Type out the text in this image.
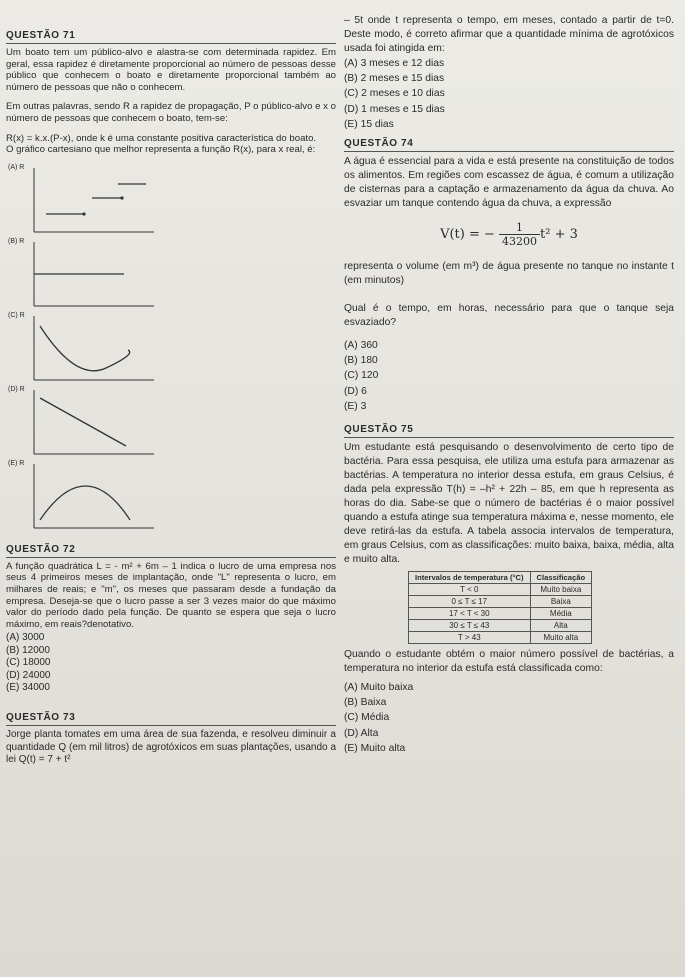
QUESTÃO 71

Um boato tem um público-alvo e alastra-se com determinada rapidez. Em geral, essa rapidez é diretamente proporcional ao número de pessoas desse público que conhecem o boato e diretamente proporcional também ao número de pessoas que não o conhecem.

Em outras palavras, sendo R a rapidez de propagação, P o público-alvo e x o número de pessoas que conhecem o boato, tem-se:

R(x) = k.x.(P-x), onde k é uma constante positiva característica do boato.

O gráfico cartesiano que melhor representa a função R(x), para x real, é:

(A) R
(B) R
(C) R
(D) R
(E) R

QUESTÃO 72

A função quadrática L = - m² + 6m – 1 indica o lucro de uma empresa nos seus 4 primeiros meses de implantação, onde "L" representa o lucro, em milhares de reais; e "m", os meses que passaram desde a fundação da empresa. Deseja-se que o lucro passe a ser 3 vezes maior do que máximo valor do período dado pela função. De quanto se espera que seja o lucro máximo, em reais?denotativo.

(A) 3000
(B) 12000
(C) 18000
(D) 24000
(E) 34000

QUESTÃO 73

Jorge planta tomates em uma área de sua fazenda, e resolveu diminuir a quantidade Q (em mil litros) de agrotóxicos em suas plantações, usando a lei Q(t) = 7 + t²

– 5t onde t representa o tempo, em meses, contado a partir de t=0. Deste modo, é correto afirmar que a quantidade mínima de agrotóxicos usada foi atingida em:

(A) 3 meses e 12 dias
(B) 2 meses e 15 dias
(C) 2 meses e 10 dias
(D) 1 meses e 15 dias
(E) 15 dias

QUESTÃO 74

A água é essencial para a vida e está presente na constituição de todos os alimentos. Em regiões com escassez de água, é comum a utilização de cisternas para a captação e armazenamento da água da chuva. Ao esvaziar um tanque contendo água da chuva, a expressão

V(t) = − $\frac{1}{43200} t^2 + 3$

representa o volume (em m³) de água presente no tanque no instante t (em minutos)

Qual é o tempo, em horas, necessário para que o tanque seja esvaziado?

(A) 360
(B) 180
(C) 120
(D) 6
(E) 3

QUESTÃO 75

Um estudante está pesquisando o desenvolvimento de certo tipo de bactéria. Para essa pesquisa, ele utiliza uma estufa para armazenar as bactérias. A temperatura no interior dessa estufa, em graus Celsius, é dada pela expressão T(h) = –h² + 22h – 85, em que h representa as horas do dia. Sabe-se que o número de bactérias é o maior possível quando a estufa atinge sua temperatura máxima e, nesse momento, ele deve retirá-las da estufa. A tabela associa intervalos de temperatura, em graus Celsius, com as classificações: muito baixa, baixa, média, alta e muito alta.

Intervalos de temperatura (°C)	Classificação
T < 0	Muito baixa
0 ≤ T ≤ 17	Baixa
17 < T < 30	Média
30 ≤ T ≤ 43	Alta
T > 43	Muito alta

Quando o estudante obtém o maior número possível de bactérias, a temperatura no interior da estufa está classificada como:

(A) Muito baixa
(B) Baixa
(C) Média
(D) Alta
(E) Muito alta
